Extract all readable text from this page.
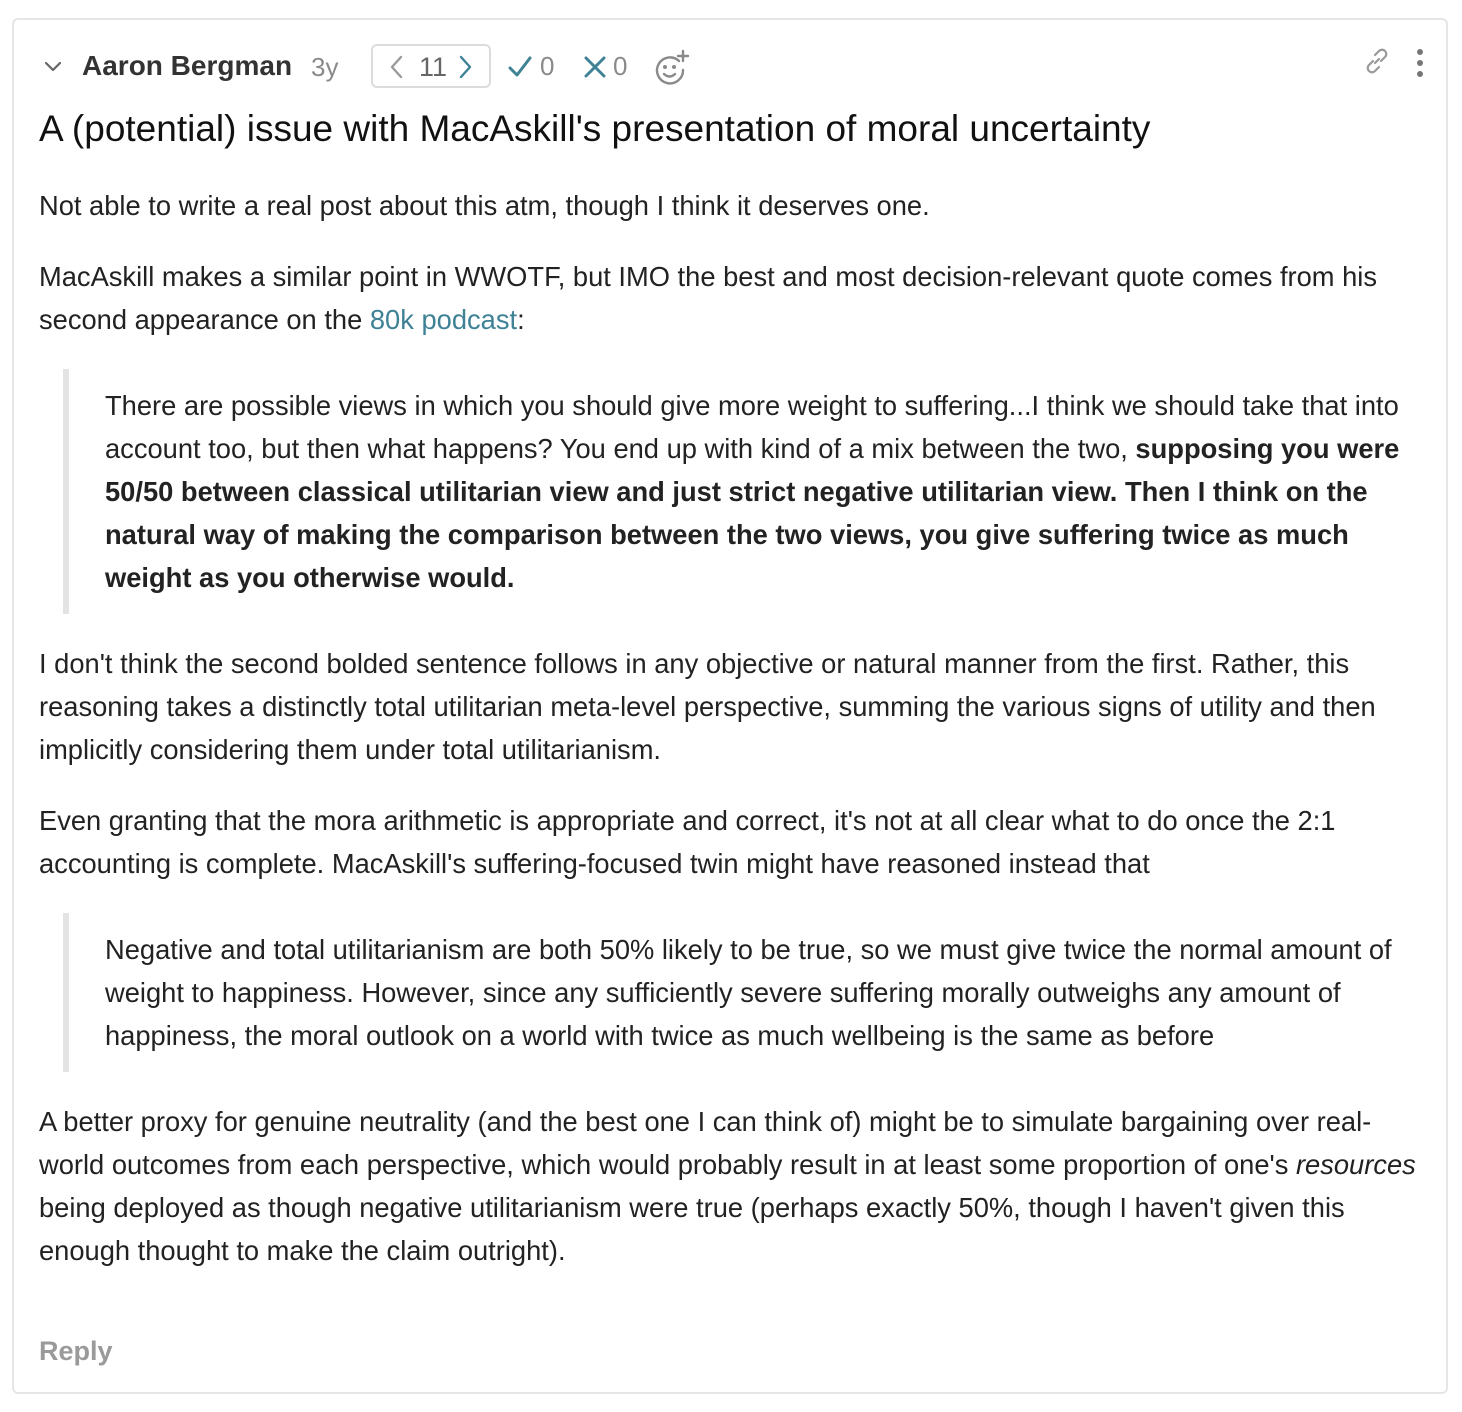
Aaron Bergman 3y	11	0 0
A (potential) issue with MacAskill's presentation of moral uncertainty

Not able to write a real post about this atm, though I think it deserves one.

MacAskill makes a similar point in WWOTF, but IMO the best and most decision-relevant quote comes from his second appearance on the 80k podcast:

There are possible views in which you should give more weight to suffering...I think we should take that into account too, but then what happens? You end up with kind of a mix between the two, supposing you were 50/50 between classical utilitarian view and just strict negative utilitarian view. Then I think on the natural way of making the comparison between the two views, you give suffering twice as much weight as you otherwise would.

I don't think the second bolded sentence follows in any objective or natural manner from the first. Rather, this reasoning takes a distinctly total utilitarian meta-level perspective, summing the various signs of utility and then implicitly considering them under total utilitarianism.

Even granting that the mora arithmetic is appropriate and correct, it's not at all clear what to do once the 2:1 accounting is complete. MacAskill's suffering-focused twin might have reasoned instead that

Negative and total utilitarianism are both 50% likely to be true, so we must give twice the normal amount of weight to happiness. However, since any sufficiently severe suffering morally outweighs any amount of happiness, the moral outlook on a world with twice as much wellbeing is the same as before

A better proxy for genuine neutrality (and the best one I can think of) might be to simulate bargaining over real-world outcomes from each perspective, which would probably result in at least some proportion of one's resources being deployed as though negative utilitarianism were true (perhaps exactly 50%, though I haven't given this enough thought to make the claim outright).

Reply
